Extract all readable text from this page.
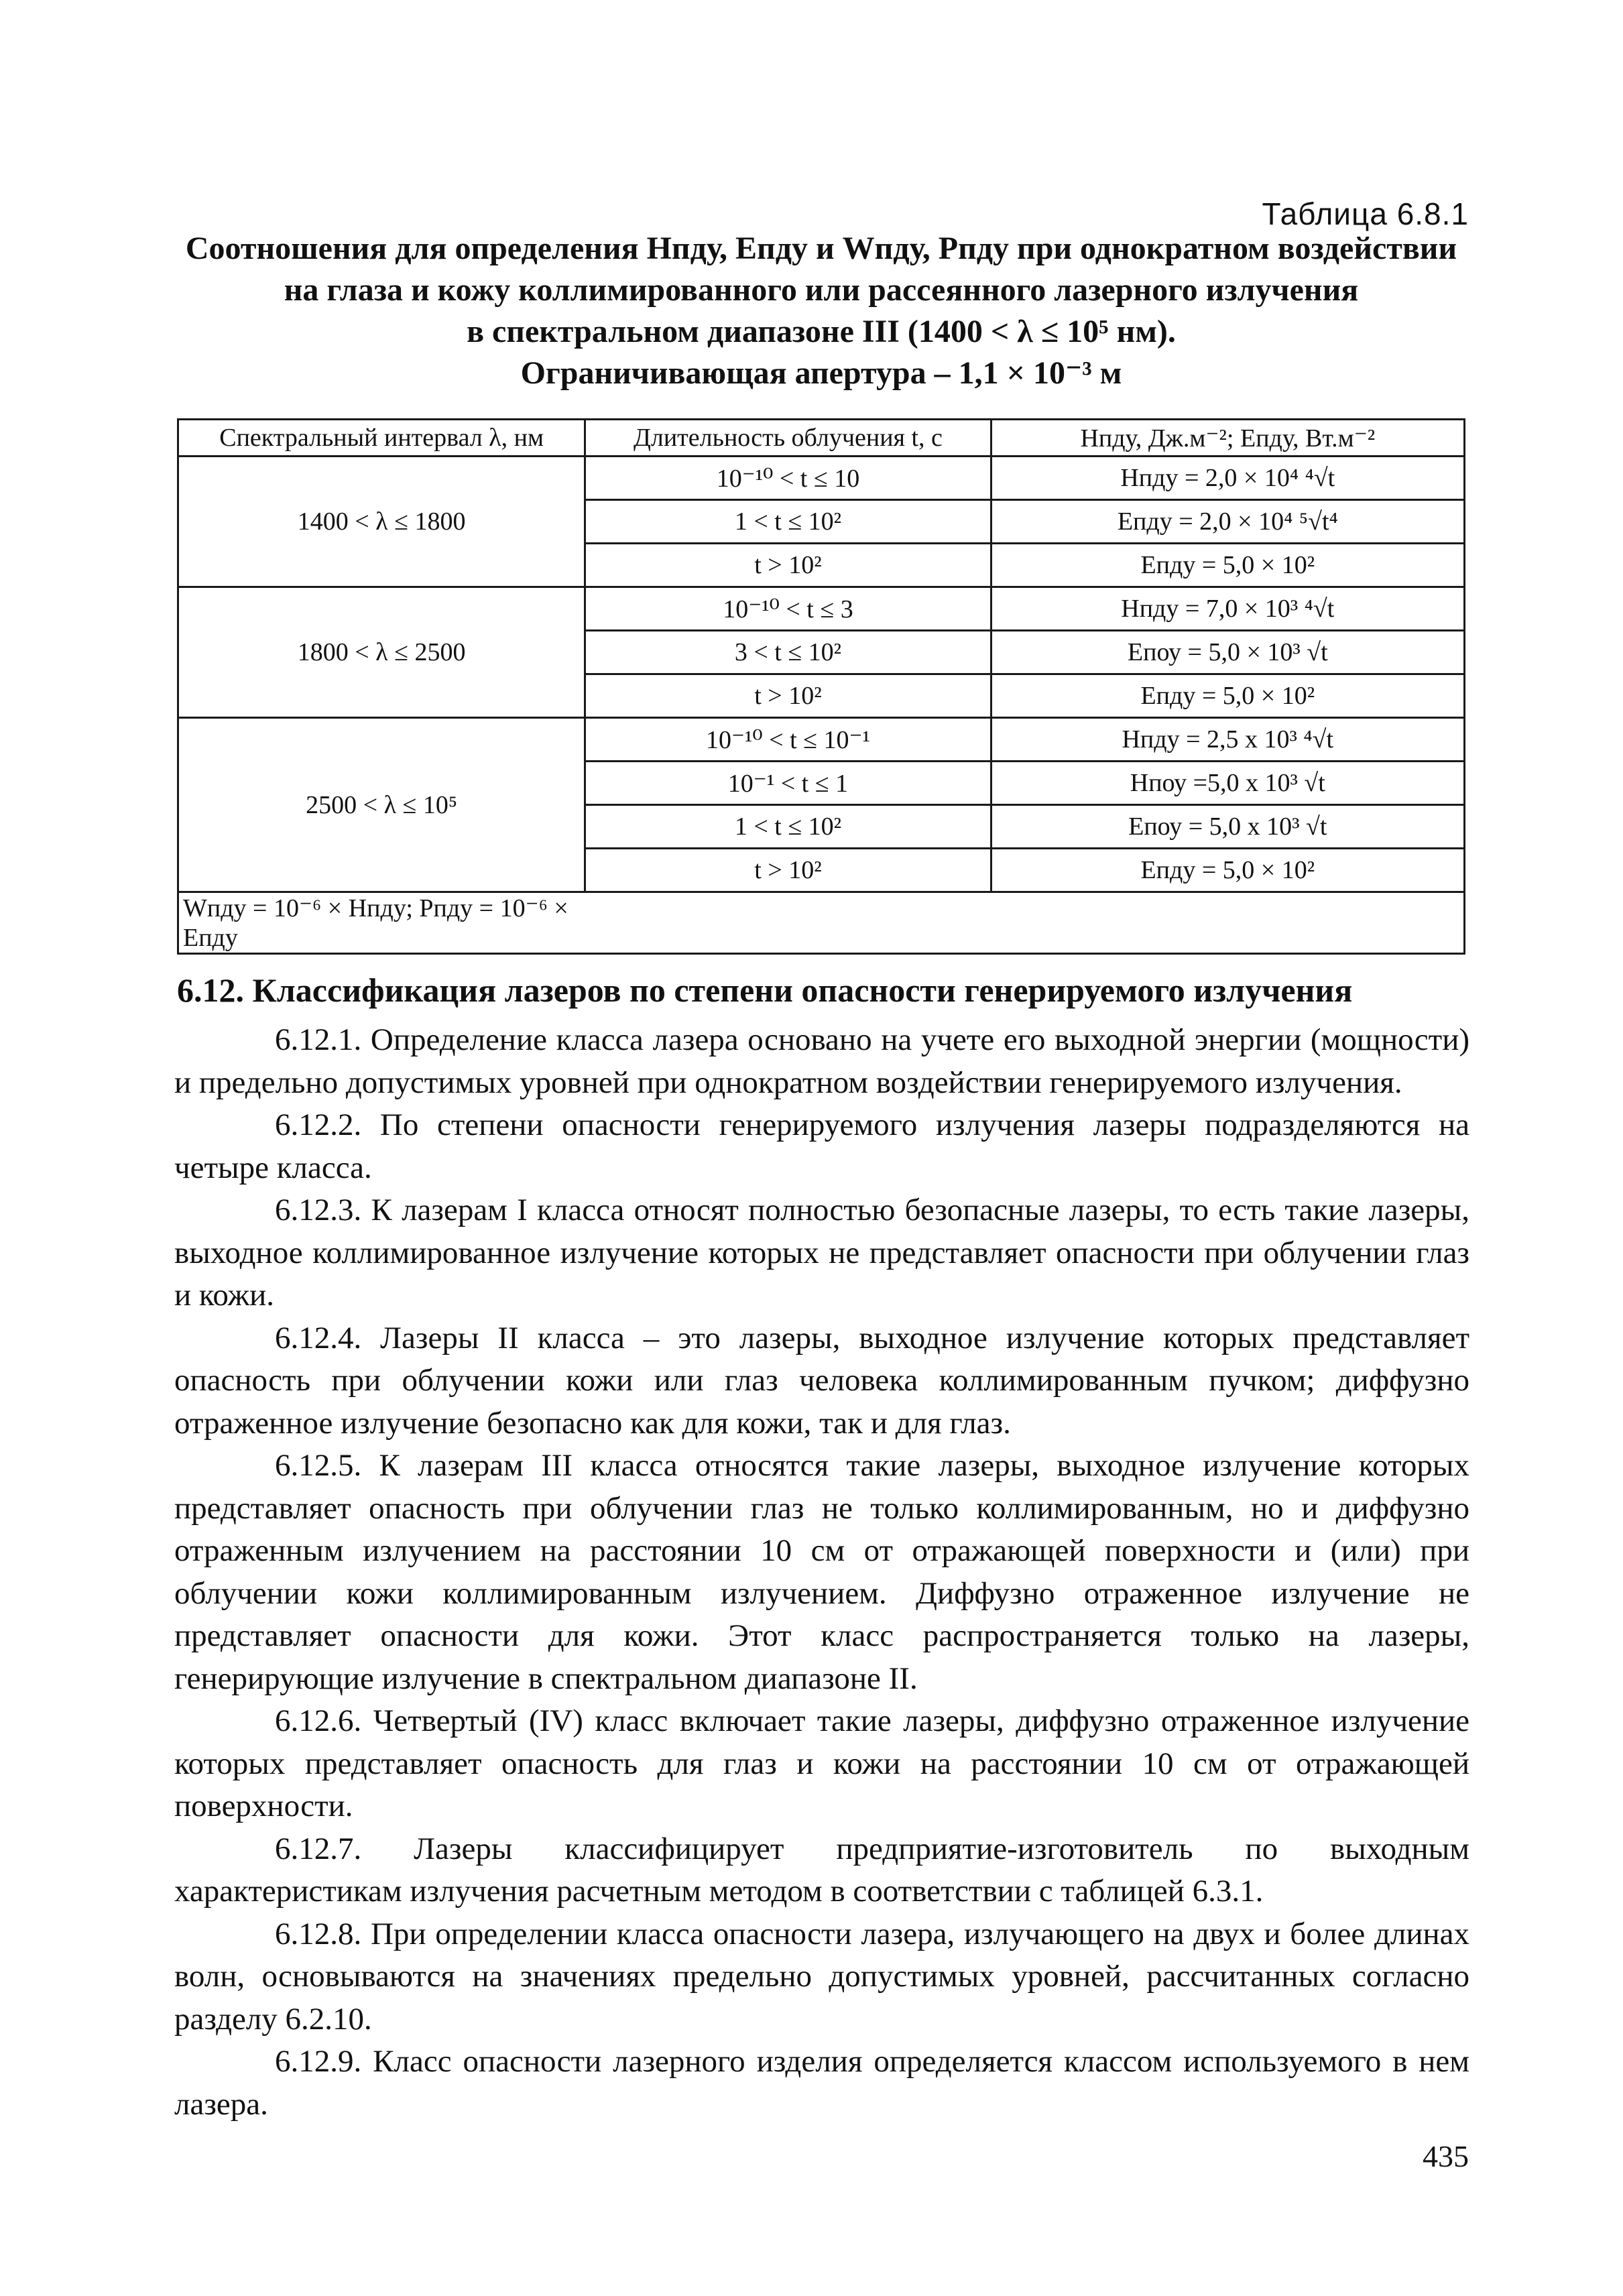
Таблица 6.8.1
Соотношения для определения Hпду, Eпду и Wпду, Pпду при однократном воздействии
на глаза и кожу коллимированного или рассеянного лазерного излучения
в спектральном диапазоне III (1400 < λ ≤ 10⁵ нм).
Ограничивающая апертура – 1,1 × 10⁻³ м
Спектральный интервал λ, нм	Длительность облучения t, с	Hпду, Дж.м⁻²; Eпду, Вт.м⁻²
1400 < λ ≤ 1800	10⁻¹⁰ < t ≤ 10	Hпду = 2,0 × 10⁴ ⁴√t
	1 < t ≤ 10²	Eпду = 2,0 × 10⁴ ⁵√t⁴
	t > 10²	Eпду = 5,0 × 10²
1800 < λ ≤ 2500	10⁻¹⁰ < t ≤ 3	Hпду = 7,0 × 10³ ⁴√t
	3 < t ≤ 10²	Eпоу = 5,0 × 10³ √t
	t > 10²	Eпду = 5,0 × 10²
2500 < λ ≤ 10⁵	10⁻¹⁰ < t ≤ 10⁻¹	Hпду = 2,5 x 10³ ⁴√t
	10⁻¹ < t ≤ 1	Hпоу =5,0 x 10³ √t
	1 < t ≤ 10²	Eпоу = 5,0 x 10³ √t
	t > 10²	Eпду = 5,0 × 10²
Wпду = 10⁻⁶ × Hпду; Pпду = 10⁻⁶ × Eпду		
6.12. Классификация лазеров по степени опасности генерируемого излучения

6.12.1. Определение класса лазера основано на учете его выходной энергии (мощности) и предельно допустимых уровней при однократном воздействии генерируемого излучения.

6.12.2. По степени опасности генерируемого излучения лазеры подразделяются на четыре класса.

6.12.3. К лазерам I класса относят полностью безопасные лазеры, то есть такие лазеры, выходное коллимированное излучение которых не представляет опасности при облучении глаз и кожи.

6.12.4. Лазеры II класса – это лазеры, выходное излучение которых представляет опасность при облучении кожи или глаз человека коллимированным пучком; диффузно отраженное излучение безопасно как для кожи, так и для глаз.

6.12.5. К лазерам III класса относятся такие лазеры, выходное излучение которых представляет опасность при облучении глаз не только коллимированным, но и диффузно отраженным излучением на расстоянии 10 см от отражающей поверхности и (или) при облучении кожи коллимированным излучением. Диффузно отраженное излучение не представляет опасности для кожи. Этот класс распространяется только на лазеры, генерирующие излучение в спектральном диапазоне II.

6.12.6. Четвертый (IV) класс включает такие лазеры, диффузно отраженное излучение которых представляет опасность для глаз и кожи на расстоянии 10 см от отражающей поверхности.

6.12.7. Лазеры классифицирует предприятие-изготовитель по выходным характеристикам излучения расчетным методом в соответствии с таблицей 6.3.1.

6.12.8. При определении класса опасности лазера, излучающего на двух и более длинах волн, основываются на значениях предельно допустимых уровней, рассчитанных согласно разделу 6.2.10.

6.12.9. Класс опасности лазерного изделия определяется классом используемого в нем лазера.

435
